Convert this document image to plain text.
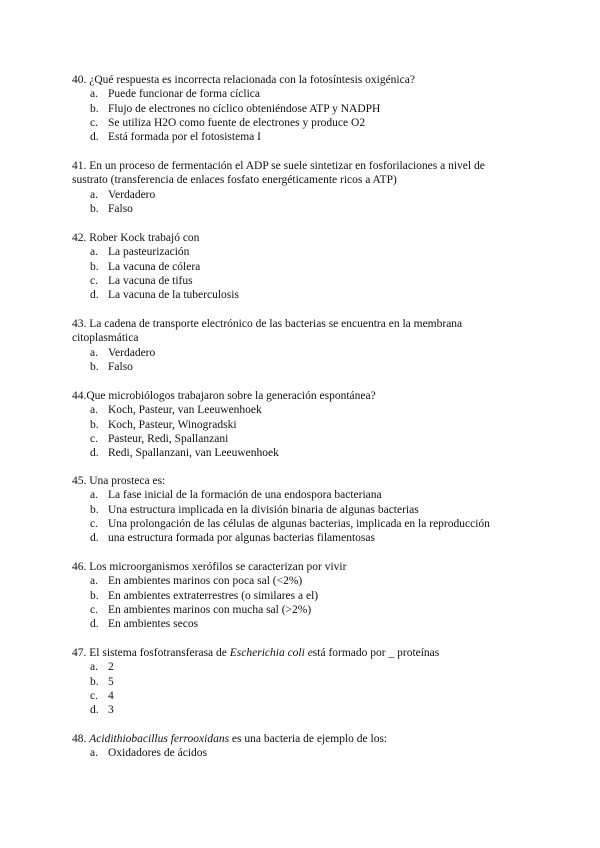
40. ¿Qué respuesta es incorrecta relacionada con la fotosíntesis oxigénica?
a. Puede funcionar de forma cíclica
b. Flujo de electrones no cíclico obteniéndose ATP y NADPH
c. Se utiliza H2O como fuente de electrones y produce O2
d. Está formada por el fotosistema I
41. En un proceso de fermentación el ADP se suele sintetizar en fosforilaciones a nivel de sustrato (transferencia de enlaces fosfato energéticamente ricos a ATP)
a. Verdadero
b. Falso
42. Rober Kock trabajó con
a. La pasteurización
b. La vacuna de cólera
c. La vacuna de tifus
d. La vacuna de la tuberculosis
43. La cadena de transporte electrónico de las bacterias se encuentra en la membrana citoplasmática
a. Verdadero
b. Falso
44.Que microbiólogos trabajaron sobre la generación espontánea?
a. Koch, Pasteur, van Leeuwenhoek
b. Koch, Pasteur, Winogradski
c. Pasteur, Redi, Spallanzani
d. Redi, Spallanzani, van Leeuwenhoek
45. Una prosteca es:
a. La fase inicial de la formación de una endospora bacteriana
b. Una estructura implicada en la división binaria de algunas bacterias
c. Una prolongación de las células de algunas bacterias, implicada en la reproducción
d. una estructura formada por algunas bacterias filamentosas
46. Los microorganismos xerófilos se caracterizan por vivir
a. En ambientes marinos con poca sal (<2%)
b. En ambientes extraterrestres (o similares a el)
c. En ambientes marinos con mucha sal (>2%)
d. En ambientes secos
47. El sistema fosfotransferasa de Escherichia coli está formado por _ proteínas
a. 2
b. 5
c. 4
d. 3
48. Acidithiobacillus ferrooxidans es una bacteria de ejemplo de los:
a. Oxidadores de ácidos
